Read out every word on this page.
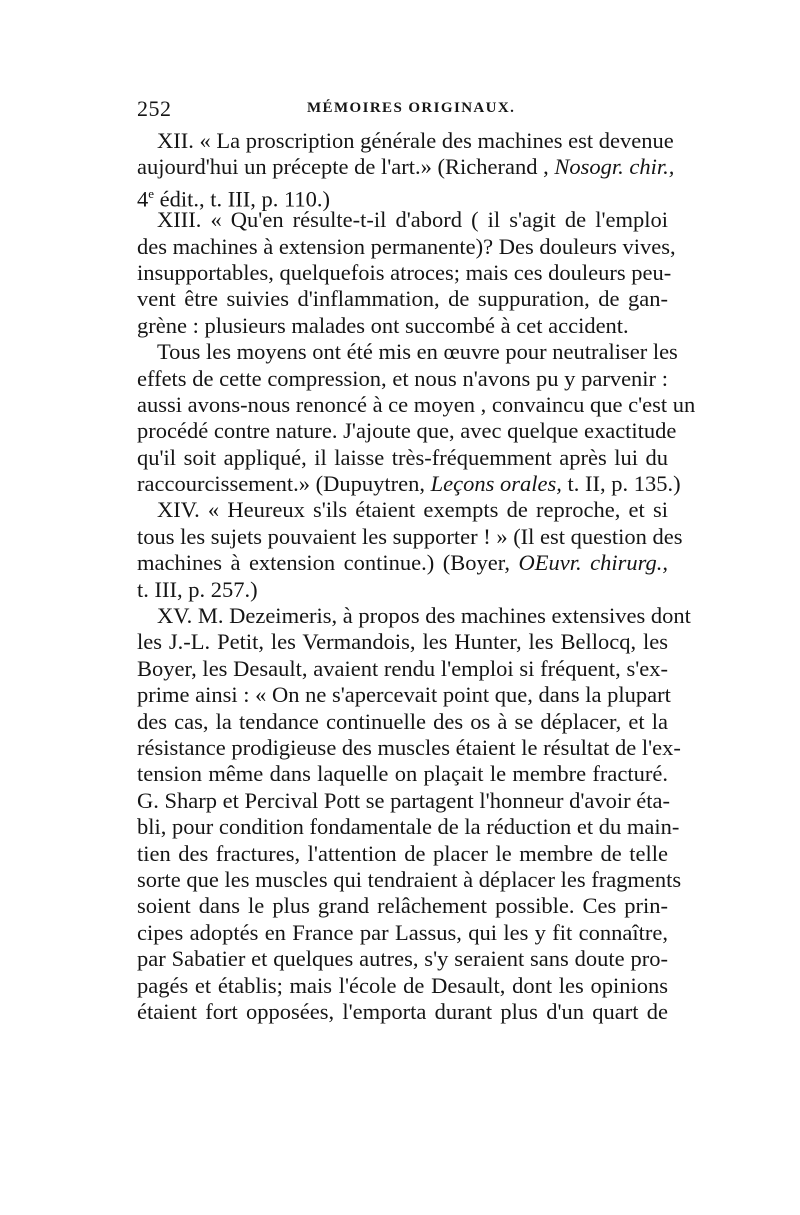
252	MÉMOIRES ORIGINAUX.
XII. « La proscription générale des machines est devenue
aujourd'hui un précepte de l'art.» (Richerand , Nosogr. chir.,
4e édit., t. III, p. 110.)
XIII. « Qu'en résulte-t-il d'abord ( il s'agit de l'emploi
des machines à extension permanente)? Des douleurs vives,
insupportables, quelquefois atroces; mais ces douleurs peu-
vent être suivies d'inflammation, de suppuration, de gan-
grène : plusieurs malades ont succombé à cet accident.
Tous les moyens ont été mis en œuvre pour neutraliser les
effets de cette compression, et nous n'avons pu y parvenir :
aussi avons-nous renoncé à ce moyen , convaincu que c'est un
procédé contre nature. J'ajoute que, avec quelque exactitude
qu'il soit appliqué, il laisse très-fréquemment après lui du
raccourcissement.» (Dupuytren, Leçons orales, t. II, p. 135.)
XIV. « Heureux s'ils étaient exempts de reproche, et si
tous les sujets pouvaient les supporter ! » (Il est question des
machines à extension continue.) (Boyer, OEuvr. chirurg.,
t. III, p. 257.)
XV. M. Dezeimeris, à propos des machines extensives dont
les J.-L. Petit, les Vermandois, les Hunter, les Bellocq, les
Boyer, les Desault, avaient rendu l'emploi si fréquent, s'ex-
prime ainsi : « On ne s'apercevait point que, dans la plupart
des cas, la tendance continuelle des os à se déplacer, et la
résistance prodigieuse des muscles étaient le résultat de l'ex-
tension même dans laquelle on plaçait le membre fracturé.
G. Sharp et Percival Pott se partagent l'honneur d'avoir éta-
bli, pour condition fondamentale de la réduction et du main-
tien des fractures, l'attention de placer le membre de telle
sorte que les muscles qui tendraient à déplacer les fragments
soient dans le plus grand relâchement possible. Ces prin-
cipes adoptés en France par Lassus, qui les y fit connaître,
par Sabatier et quelques autres, s'y seraient sans doute pro-
pagés et établis; mais l'école de Desault, dont les opinions
étaient fort opposées, l'emporta durant plus d'un quart de
